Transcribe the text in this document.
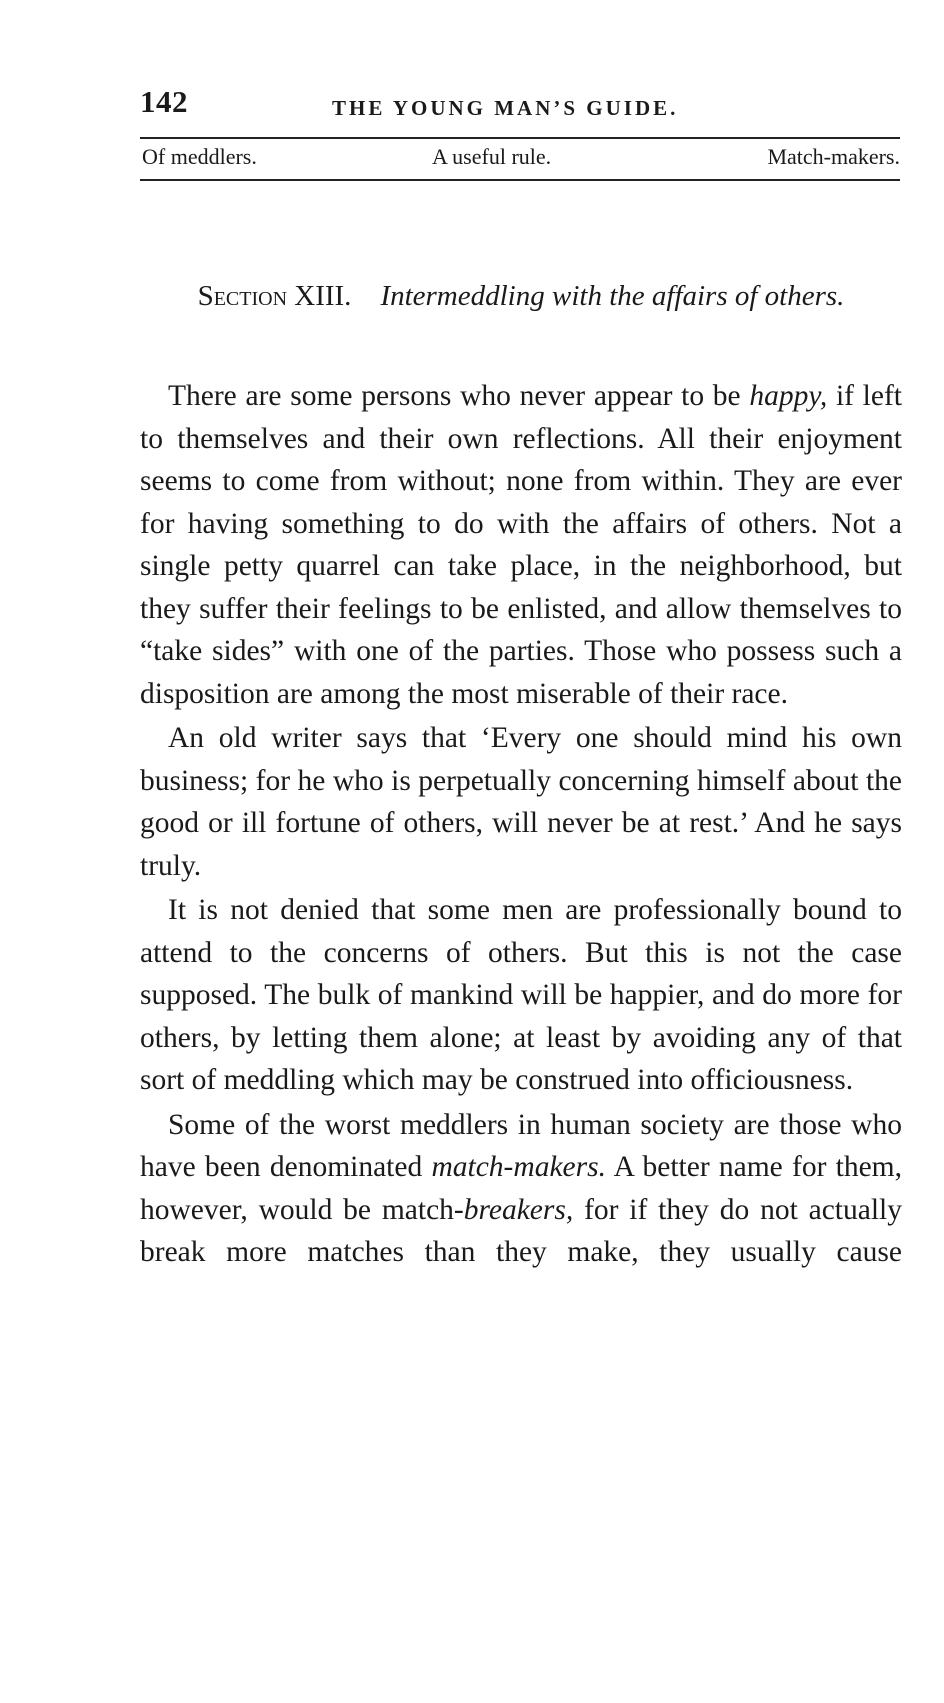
142	THE YOUNG MAN’S GUIDE.
Of meddlers.	A useful rule.	Match-makers.
Section XIII. Intermeddling with the affairs of others.

There are some persons who never appear to be happy, if left to themselves and their own reflections. All their enjoyment seems to come from without; none from within. They are ever for having something to do with the affairs of others. Not a single petty quarrel can take place, in the neighborhood, but they suffer their feelings to be enlisted, and allow themselves to “take sides” with one of the parties. Those who possess such a disposition are among the most miserable of their race.

An old writer says that ‘Every one should mind his own business; for he who is perpetually concerning himself about the good or ill fortune of others, will never be at rest.’ And he says truly.

It is not denied that some men are professionally bound to attend to the concerns of others. But this is not the case supposed. The bulk of mankind will be happier, and do more for others, by letting them alone; at least by avoiding any of that sort of meddling which may be construed into officiousness.

Some of the worst meddlers in human society are those who have been denominated match-makers. A better name for them, however, would be match-breakers, for if they do not actually break more matches than they make, they usually cause
